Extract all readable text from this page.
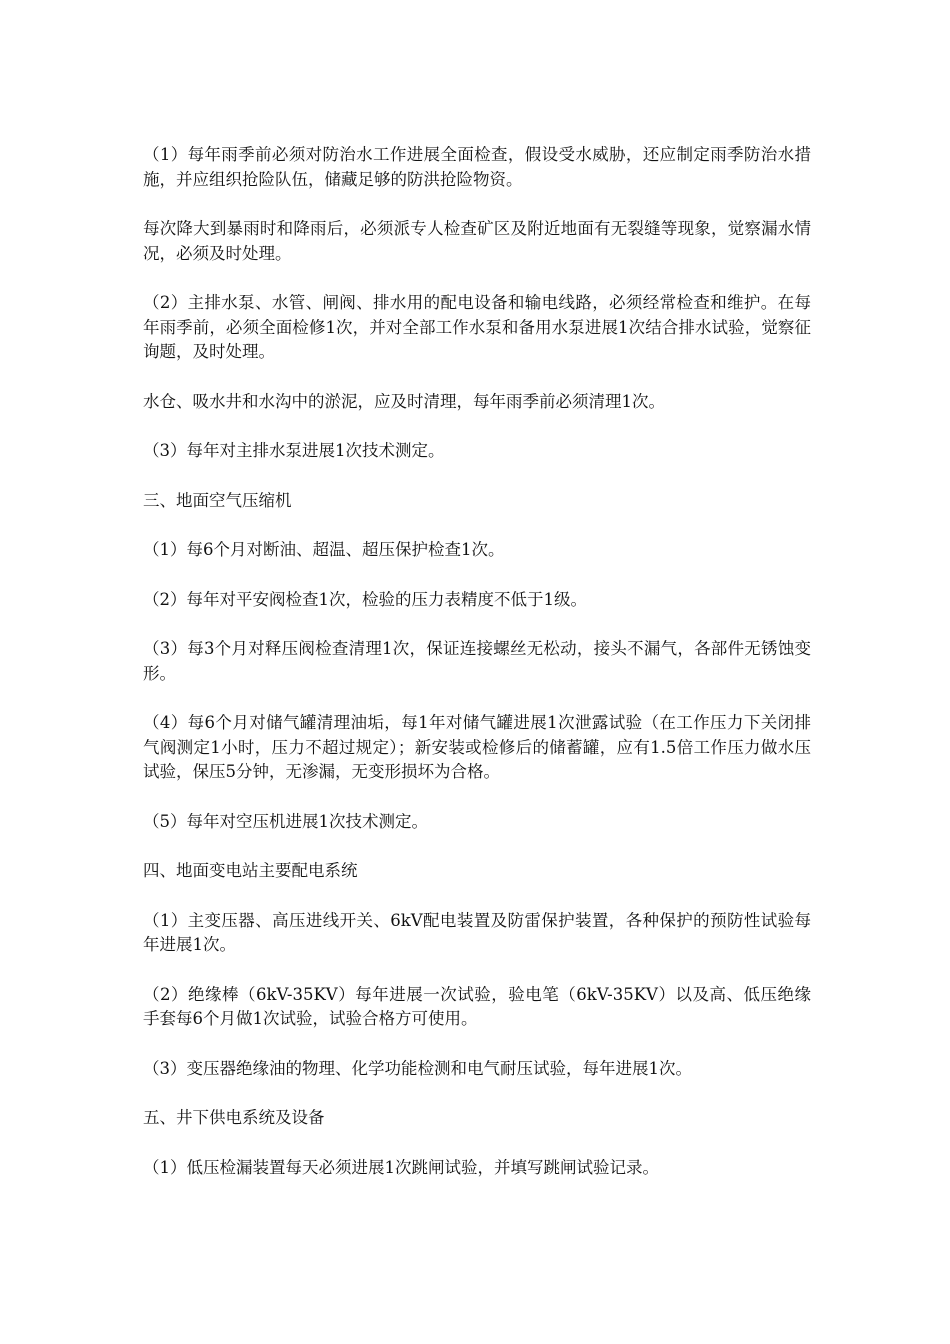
（1）每年雨季前必须对防治水工作进展全面检查，假设受水威胁，还应制定雨季防治水措施，并应组织抢险队伍，储藏足够的防洪抢险物资。

每次降大到暴雨时和降雨后，必须派专人检查矿区及附近地面有无裂缝等现象，觉察漏水情况，必须及时处理。

（2）主排水泵、水管、闸阀、排水用的配电设备和输电线路，必须经常检查和维护。在每年雨季前，必须全面检修1次，并对全部工作水泵和备用水泵进展1次结合排水试验，觉察征询题，及时处理。

水仓、吸水井和水沟中的淤泥，应及时清理，每年雨季前必须清理1次。

（3）每年对主排水泵进展1次技术测定。

三、地面空气压缩机

（1）每6个月对断油、超温、超压保护检查1次。

（2）每年对平安阀检查1次，检验的压力表精度不低于1级。

（3）每3个月对释压阀检查清理1次，保证连接螺丝无松动，接头不漏气，各部件无锈蚀变形。

（4）每6个月对储气罐清理油垢，每1年对储气罐进展1次泄露试验（在工作压力下关闭排气阀测定1小时，压力不超过规定）；新安装或检修后的储蓄罐，应有1.5倍工作压力做水压试验，保压5分钟，无渗漏，无变形损坏为合格。

（5）每年对空压机进展1次技术测定。

四、地面变电站主要配电系统

（1）主变压器、高压进线开关、6kV配电装置及防雷保护装置，各种保护的预防性试验每年进展1次。

（2）绝缘棒（6kV-35KV）每年进展一次试验，验电笔（6kV-35KV）以及高、低压绝缘手套每6个月做1次试验，试验合格方可使用。

（3）变压器绝缘油的物理、化学功能检测和电气耐压试验，每年进展1次。

五、井下供电系统及设备

（1）低压检漏装置每天必须进展1次跳闸试验，并填写跳闸试验记录。
